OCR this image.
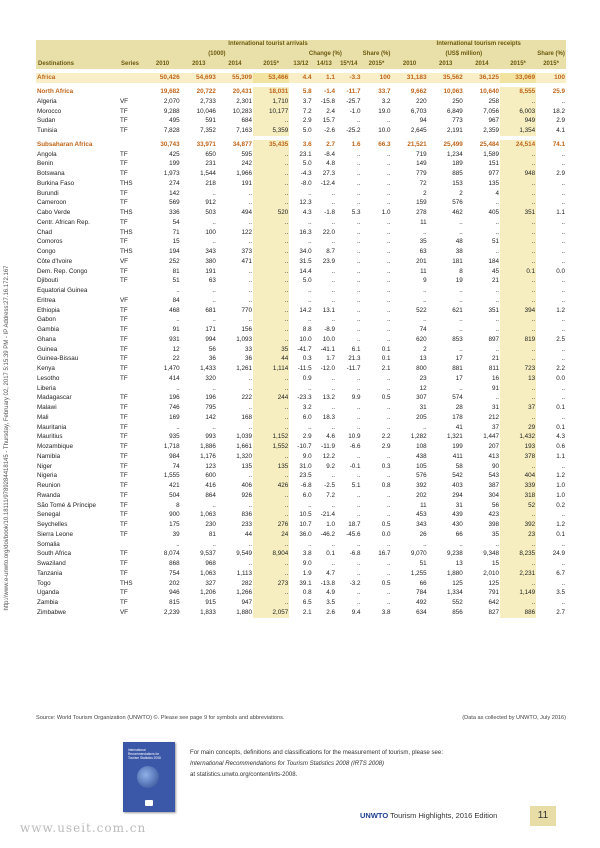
http://www.e-unwto.org/doi/book/10.18111/9789284418145 - Thursday, February 02, 2017 5:15:39 PM - IP Address:27.16.172.167
		International tourist arrivals								International tourism receipts				
		(1000)				Change (%)			Share (%)	(US$ million)				Share (%)
Destinations	Series	2010	2013	2014	2015*	13/12	14/13	15*/14	2015*	2010	2013	2014	2015*	2015*

Africa		50,426	54,693	55,309	53,466	4.4	1.1	-3.3	100	31,183	35,562	36,125	33,069	100

North Africa		19,682	20,722	20,431	18,031	5.8	-1.4	-11.7	33.7	9,662	10,063	10,640	8,555	25.9
Algeria	VF	2,070	2,733	2,301	1,710	3.7	-15.8	-25.7	3.2	220	250	258	..	..
Morocco	TF	9,288	10,046	10,283	10,177	7.2	2.4	-1.0	19.0	6,703	6,849	7,056	6,003	18.2
Sudan	TF	495	591	684	..	2.9	15.7	..	..	94	773	967	949	2.9
Tunisia	TF	7,828	7,352	7,163	5,359	5.0	-2.6	-25.2	10.0	2,645	2,191	2,359	1,354	4.1

Subsaharan Africa		30,743	33,971	34,877	35,435	3.6	2.7	1.6	66.3	21,521	25,499	25,484	24,514	74.1
Angola	TF	425	650	595	..	23.1	-8.4	..	..	719	1,234	1,589	..	..
Benin	TF	199	231	242	..	5.0	4.8	..	..	149	189	151	..	..
Botswana	TF	1,973	1,544	1,966	..	-4.3	27.3	..	..	779	885	977	948	2.9
Burkina Faso	THS	274	218	191	..	-8.0	-12.4	..	..	72	153	135	..	..
Burundi	TF	142	..	..	..	..	..	..	..	2	2	4	..	..
Cameroon	TF	569	912	..	..	12.3	..	..	..	159	576	..	..	..
Cabo Verde	THS	336	503	494	520	4.3	-1.8	5.3	1.0	278	462	405	351	1.1
Centr. African Rep.	TF	54	..	..	..	..	..	..	..	11	..	..	..	..
Chad	THS	71	100	122	..	16.3	22.0	..	..	..	..	..	..	..
Comoros	TF	15	..	..	..	..	..	..	..	35	48	51	..	..
Congo	THS	194	343	373	..	34.0	8.7	..	..	63	38	..	..	..
Côte d'Ivoire	VF	252	380	471	..	31.5	23.9	..	..	201	181	184	..	..
Dem. Rep. Congo	TF	81	191	..	..	14.4	..	..	..	11	8	45	0.1	0.0
Djibouti	TF	51	63	..	..	5.0	..	..	..	9	19	21	..	..
Equatorial Guinea		..	..	..	..	..	..	..	..	..	..	..	..	..
Eritrea	VF	84	..	..	..	..	..	..	..	..	..	..	..	..
Ethiopia	TF	468	681	770	..	14.2	13.1	..	..	522	621	351	394	1.2
Gabon	TF	..	..	..	..	..	..	..	..	..	..	..	..	..
Gambia	TF	91	171	156	..	8.8	-8.9	..	..	74	..	..	..	..
Ghana	TF	931	994	1,093	..	10.0	10.0	..	..	620	853	897	819	2.5
Guinea	TF	12	56	33	35	-41.7	-41.1	6.1	0.1	2	..	..	..	..
Guinea-Bissau	TF	22	36	36	44	0.3	1.7	21.3	0.1	13	17	21	..	..
Kenya	TF	1,470	1,433	1,261	1,114	-11.5	-12.0	-11.7	2.1	800	881	811	723	2.2
Lesotho	TF	414	320	..	..	0.9	..	..	..	23	17	16	13	0.0
Liberia		..	..	..	..	..	..	..	..	12	..	91	..	..
Madagascar	TF	196	196	222	244	-23.3	13.2	9.9	0.5	307	574	..	..	..
Malawi	TF	746	795	..	..	3.2	..	..	..	31	28	31	37	0.1
Mali	TF	169	142	168	..	6.0	18.3	..	..	205	178	212	..	..
Mauritania	TF	..	..	..	..	..	..	..	..	..	41	37	29	0.1
Mauritius	TF	935	993	1,039	1,152	2.9	4.6	10.9	2.2	1,282	1,321	1,447	1,432	4.3
Mozambique	TF	1,718	1,886	1,661	1,552	-10.7	-11.9	-6.6	2.9	108	199	207	193	0.6
Namibia	TF	984	1,176	1,320	..	9.0	12.2	..	..	438	411	413	378	1.1
Niger	TF	74	123	135	135	31.0	9.2	-0.1	0.3	105	58	90	..	..
Nigeria	TF	1,555	600	..	..	23.5	..	..	..	576	542	543	404	1.2
Reunion	TF	421	416	406	426	-6.8	-2.5	5.1	0.8	392	403	387	339	1.0
Rwanda	TF	504	864	926	..	6.0	7.2	..	..	202	294	304	318	1.0
São Tomé & Príncipe	TF	8	..	..	..	..	..	..	..	11	31	56	52	0.2
Senegal	TF	900	1,063	836	..	10.5	-21.4	..	..	453	439	423	..	..
Seychelles	TF	175	230	233	276	10.7	1.0	18.7	0.5	343	430	398	392	1.2
Sierra Leone	TF	39	81	44	24	36.0	-46.2	-45.6	0.0	26	66	35	23	0.1
Somalia		..	..	..	..	..	..	..	..	..	..	..	..	..
South Africa	TF	8,074	9,537	9,549	8,904	3.8	0.1	-6.8	16.7	9,070	9,238	9,348	8,235	24.9
Swaziland	TF	868	968	..	..	9.0	..	..	..	51	13	15	..	..
Tanzania	TF	754	1,063	1,113	..	1.9	4.7	..	..	1,255	1,880	2,010	2,231	6.7
Togo	THS	202	327	282	273	39.1	-13.8	-3.2	0.5	66	125	125	..	..
Uganda	TF	946	1,206	1,266	..	0.8	4.9	..	..	784	1,334	791	1,149	3.5
Zambia	TF	815	915	947	..	6.5	3.5	..	..	492	552	642	..	..
Zimbabwe	VF	2,239	1,833	1,880	2,057	2.1	2.6	9.4	3.8	634	856	827	886	2.7
Source: World Tourism Organization (UNWTO) ©. Please see page 9 for symbols and abbreviations.	(Data as collected by UNWTO, July 2016)
International Recommendations for Tourism Statistics 2008
For main concepts, definitions and classifications for the measurement of tourism, please see:
International Recommendations for Tourism Statistics 2008 (IRTS 2008)
at statistics.unwto.org/content/irts-2008.
www.useit.com.cn
UNWTO Tourism Highlights, 2016 Edition	11
